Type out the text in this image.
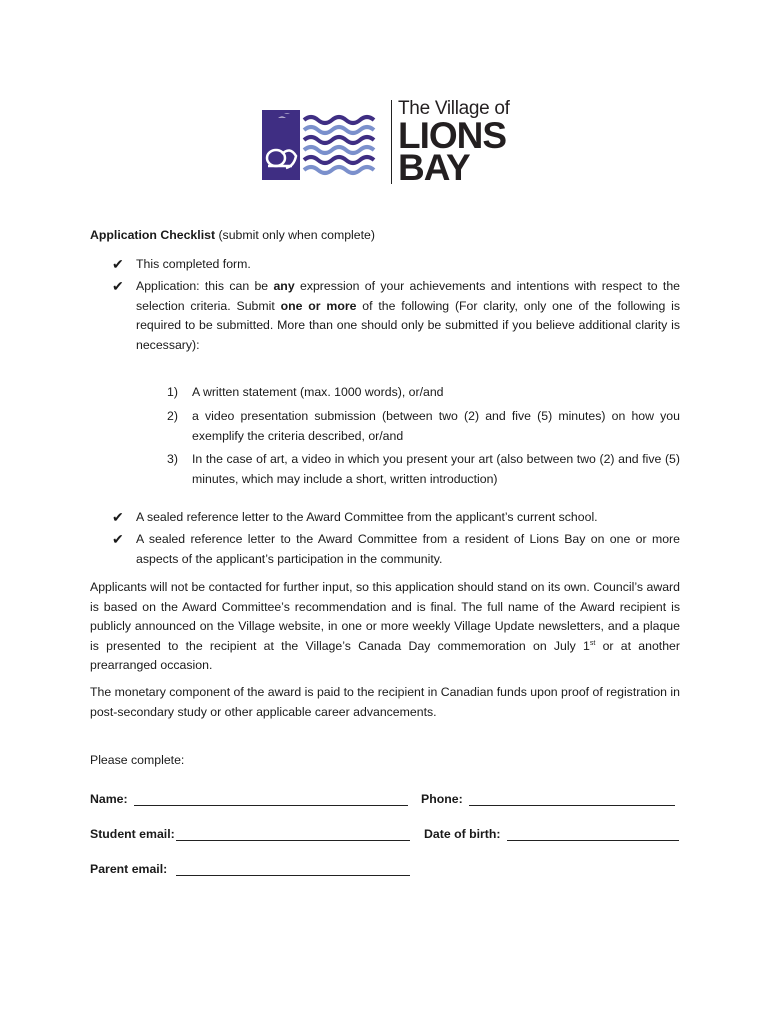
The Village of
LIONS
BAY
Application Checklist (submit only when complete)
✔ This completed form.
✔ Application: this can be any expression of your achievements and intentions with respect to the selection criteria. Submit one or more of the following (For clarity, only one of the following is required to be submitted. More than one should only be submitted if you believe additional clarity is necessary):
1) A written statement (max. 1000 words), or/and
2) a video presentation submission (between two (2) and five (5) minutes) on how you exemplify the criteria described, or/and
3) In the case of art, a video in which you present your art (also between two (2) and five (5) minutes, which may include a short, written introduction)
✔ A sealed reference letter to the Award Committee from the applicant’s current school.
✔ A sealed reference letter to the Award Committee from a resident of Lions Bay on one or more aspects of the applicant’s participation in the community.
Applicants will not be contacted for further input, so this application should stand on its own. Council’s award is based on the Award Committee’s recommendation and is final. The full name of the Award recipient is publicly announced on the Village website, in one or more weekly Village Update newsletters, and a plaque is presented to the recipient at the Village’s Canada Day commemoration on July 1st or at another prearranged occasion.
The monetary component of the award is paid to the recipient in Canadian funds upon proof of registration in post-secondary study or other applicable career advancements.
Please complete:
Name:	Phone:
Student email:	Date of birth:
Parent email:
